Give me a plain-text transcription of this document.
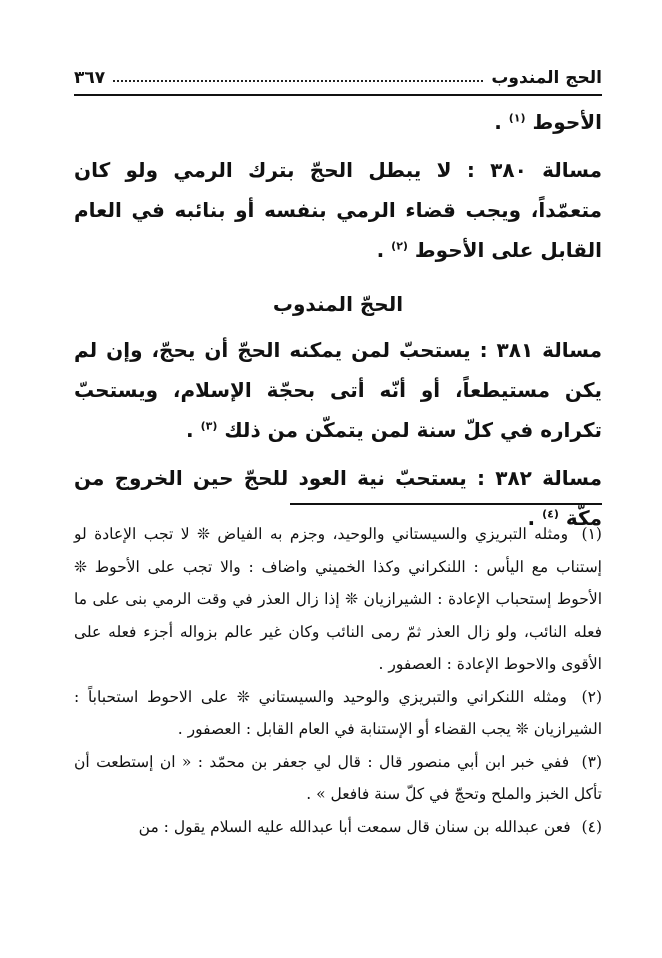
الحج المندوب
٣٦٧

الأحوط $^{(١)}$ .

مسالة ٣٨٠ : لا يبطل الحجّ بترك الرمي ولو كان متعمّداً، ويجب قضاء الرمي بنفسه أو بنائبه في العام القابل على الأحوط $^{(٢)}$ .

الحجّ المندوب

مسالة ٣٨١ : يستحبّ لمن يمكنه الحجّ أن يحجّ، وإن لم يكن مستيطعاً، أو أنّه أتى بحجّة الإسلام، ويستحبّ تكراره في كلّ سنة لمن يتمكّن من ذلك $^{(٣)}$ .

مسالة ٣٨٢ : يستحبّ نية العود للحجّ حين الخروج من مكّة $^{(٤)}$ .

(١) ومثله التبريزي والسيستاني والوحيد، وجزم به الفياض ❊ لا تجب الإعادة لو إستناب مع اليأس : اللنكراني وكذا الخميني واضاف : والا تجب على الأحوط ❊ الأحوط إستحباب الإعادة : الشيرازيان ❊ إذا زال العذر في وقت الرمي بنى على ما فعله النائب، ولو زال العذر ثمّ رمى النائب وكان غير عالم بزواله أجزء فعله على الأقوى والاحوط الإعادة : العصفور .

(٢) ومثله اللنكراني والتبريزي والوحيد والسيستاني ❊ على الاحوط استحباباً : الشيرازيان ❊ يجب القضاء أو الإستنابة في العام القابل : العصفور .

(٣) ففي خبر ابن أبي منصور قال : قال لي جعفر بن محمّد : « ان إستطعت أن تأكل الخبز والملح وتحجّ في كلّ سنة فافعل » .

(٤) فعن عبدالله بن سنان قال سمعت أبا عبدالله عليه السلام يقول : من
